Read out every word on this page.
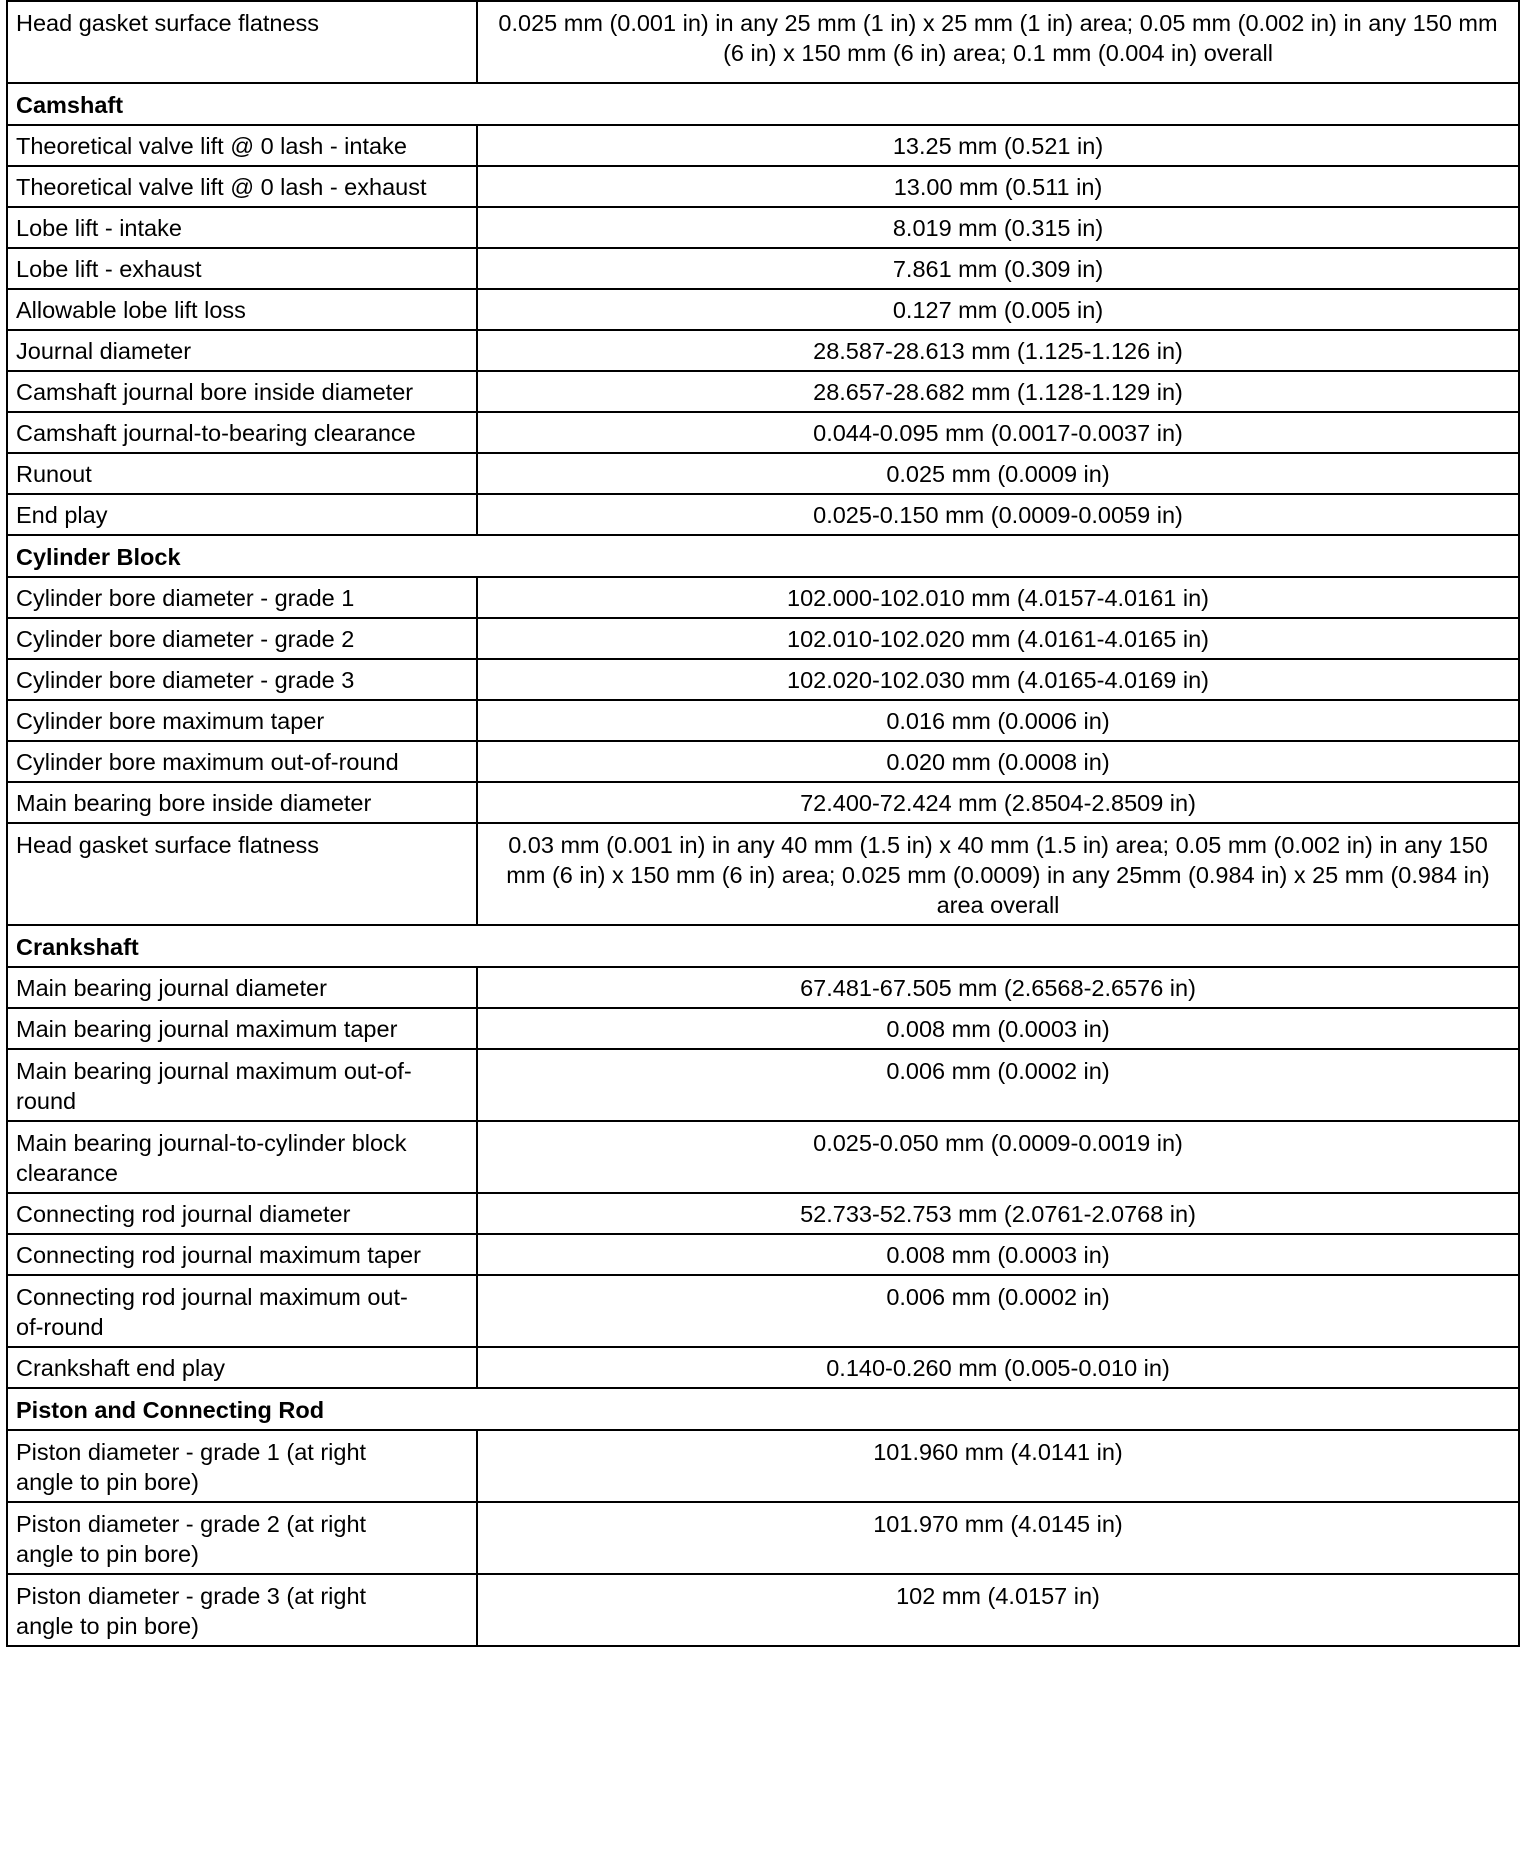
Head gasket surface flatness	0.025 mm (0.001 in) in any 25 mm (1 in) x 25 mm (1 in) area; 0.05 mm (0.002 in) in any 150 mm (6 in) x 150 mm (6 in) area; 0.1 mm (0.004 in) overall
Camshaft	
Theoretical valve lift @ 0 lash - intake	13.25 mm (0.521 in)
Theoretical valve lift @ 0 lash - exhaust	13.00 mm (0.511 in)
Lobe lift - intake	8.019 mm (0.315 in)
Lobe lift - exhaust	7.861 mm (0.309 in)
Allowable lobe lift loss	0.127 mm (0.005 in)
Journal diameter	28.587-28.613 mm (1.125-1.126 in)
Camshaft journal bore inside diameter	28.657-28.682 mm (1.128-1.129 in)
Camshaft journal-to-bearing clearance	0.044-0.095 mm (0.0017-0.0037 in)
Runout	0.025 mm (0.0009 in)
End play	0.025-0.150 mm (0.0009-0.0059 in)
Cylinder Block	
Cylinder bore diameter - grade 1	102.000-102.010 mm (4.0157-4.0161 in)
Cylinder bore diameter - grade 2	102.010-102.020 mm (4.0161-4.0165 in)
Cylinder bore diameter - grade 3	102.020-102.030 mm (4.0165-4.0169 in)
Cylinder bore maximum taper	0.016 mm (0.0006 in)
Cylinder bore maximum out-of-round	0.020 mm (0.0008 in)
Main bearing bore inside diameter	72.400-72.424 mm (2.8504-2.8509 in)
Head gasket surface flatness	0.03 mm (0.001 in) in any 40 mm (1.5 in) x 40 mm (1.5 in) area; 0.05 mm (0.002 in) in any 150 mm (6 in) x 150 mm (6 in) area; 0.025 mm (0.0009) in any 25mm (0.984 in) x 25 mm (0.984 in) area overall
Crankshaft	
Main bearing journal diameter	67.481-67.505 mm (2.6568-2.6576 in)
Main bearing journal maximum taper	0.008 mm (0.0003 in)
Main bearing journal maximum out-of-round	0.006 mm (0.0002 in)
Main bearing journal-to-cylinder block clearance	0.025-0.050 mm (0.0009-0.0019 in)
Connecting rod journal diameter	52.733-52.753 mm (2.0761-2.0768 in)
Connecting rod journal maximum taper	0.008 mm (0.0003 in)
Connecting rod journal maximum out-of-round	0.006 mm (0.0002 in)
Crankshaft end play	0.140-0.260 mm (0.005-0.010 in)
Piston and Connecting Rod	
Piston diameter - grade 1 (at right angle to pin bore)	101.960 mm (4.0141 in)
Piston diameter - grade 2 (at right angle to pin bore)	101.970 mm (4.0145 in)
Piston diameter - grade 3 (at right angle to pin bore)	102 mm (4.0157 in)
